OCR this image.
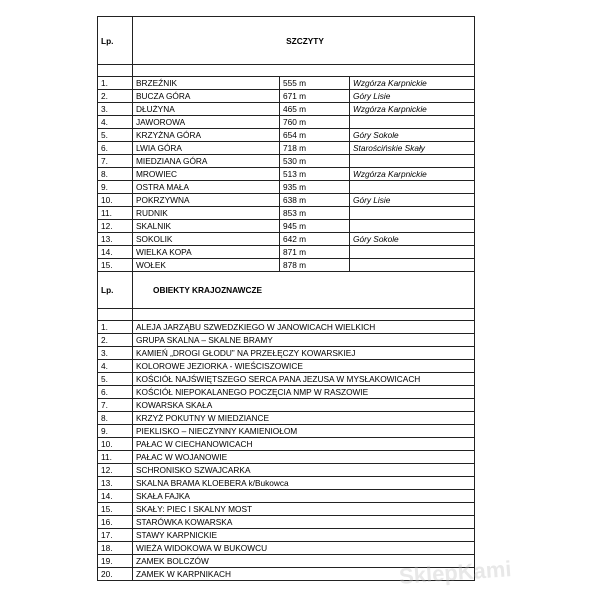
Lp.	SZCZYTY		

1.	BRZEŹNIK	555 m	Wzgórza Karpnickie
2.	BUCZA GÓRA	671 m	Góry Lisie
3.	DŁUŻYNA	465 m	Wzgórza Karpnickie
4.	JAWOROWA	760 m	
5.	KRZYŻNA GÓRA	654 m	Góry Sokole
6.	LWIA GÓRA	718 m	Starościńskie Skały
7.	MIEDZIANA GÓRA	530 m	
8.	MROWIEC	513 m	Wzgórza Karpnickie
9.	OSTRA MAŁA	935 m	
10.	POKRZYWNA	638 m	Góry Lisie
11.	RUDNIK	853 m	
12.	SKALNIK	945 m	
13.	SOKOLIK	642 m	Góry Sokole
14.	WIELKA KOPA	871 m	
15.	WOŁEK	878 m	
Lp.	OBIEKTY KRAJOZNAWCZE		

1.	ALEJA JARZĄBU SZWEDZKIEGO W JANOWICACH WIELKICH		
2.	GRUPA SKALNA – SKALNE BRAMY		
3.	KAMIEŃ „DROGI GŁODU” NA PRZEŁĘCZY KOWARSKIEJ		
4.	KOLOROWE JEZIORKA - WIEŚCISZOWICE		
5.	KOŚCIÓŁ NAJŚWIĘTSZEGO SERCA PANA JEZUSA W MYSŁAKOWICACH		
6.	KOŚCIÓŁ NIEPOKALANEGO POCZĘCIA NMP W RASZOWIE		
7.	KOWARSKA SKAŁA		
8.	KRZYŻ POKUTNY W MIEDZIANCE		
9.	PIEKLISKO – NIECZYNNY KAMIENIOŁOM		
10.	PAŁAC W CIECHANOWICACH		
11.	PAŁAC W WOJANOWIE		
12.	SCHRONISKO SZWAJCARKA		
13.	SKALNA BRAMA KLOEBERA k/Bukowca		
14.	SKAŁA FAJKA		
15.	SKAŁY: PIEC I SKALNY MOST		
16.	STARÓWKA KOWARSKA		
17.	STAWY KARPNICKIE		
18.	WIEŻA WIDOKOWA W BUKOWCU		
19.	ZAMEK BOLCZÓW		
20.	ZAMEK W KARPNIKACH			SklepKami
